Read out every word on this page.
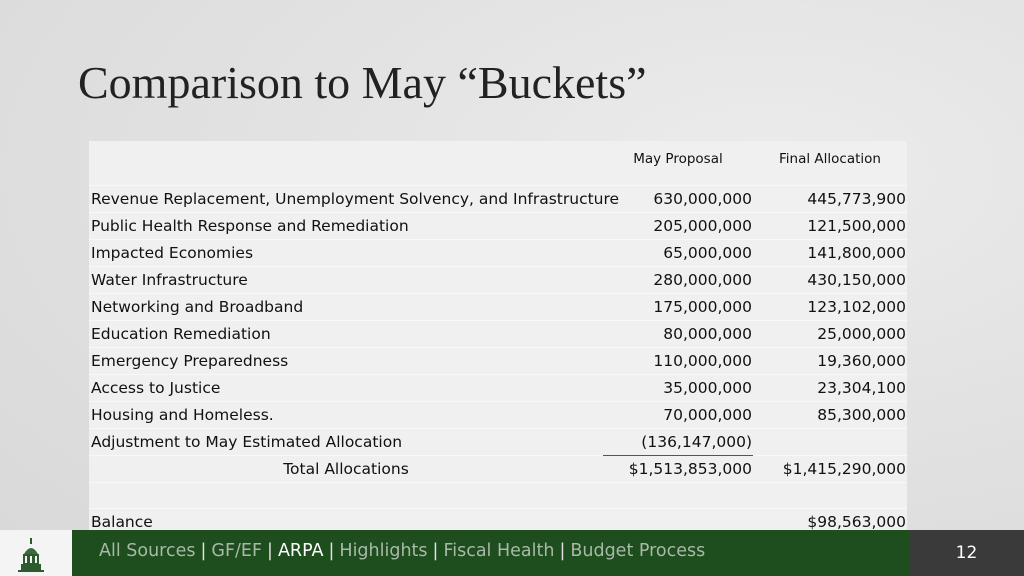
Comparison to May “Buckets”
	May Proposal	Final Allocation
Revenue Replacement, Unemployment Solvency, and Infrastructure	630,000,000	445,773,900
Public Health Response and Remediation	205,000,000	121,500,000
Impacted Economies	65,000,000	141,800,000
Water Infrastructure	280,000,000	430,150,000
Networking and Broadband	175,000,000	123,102,000
Education Remediation	80,000,000	25,000,000
Emergency Preparedness	110,000,000	19,360,000
Access to Justice	35,000,000	23,304,100
Housing and Homeless.	70,000,000	85,300,000
Adjustment to May Estimated Allocation	(136,147,000)	
Total Allocations	$1,513,853,000	$1,415,290,000

Balance		$98,563,000
All Sources | GF/EF | ARPA | Highlights | Fiscal Health | Budget Process	12
